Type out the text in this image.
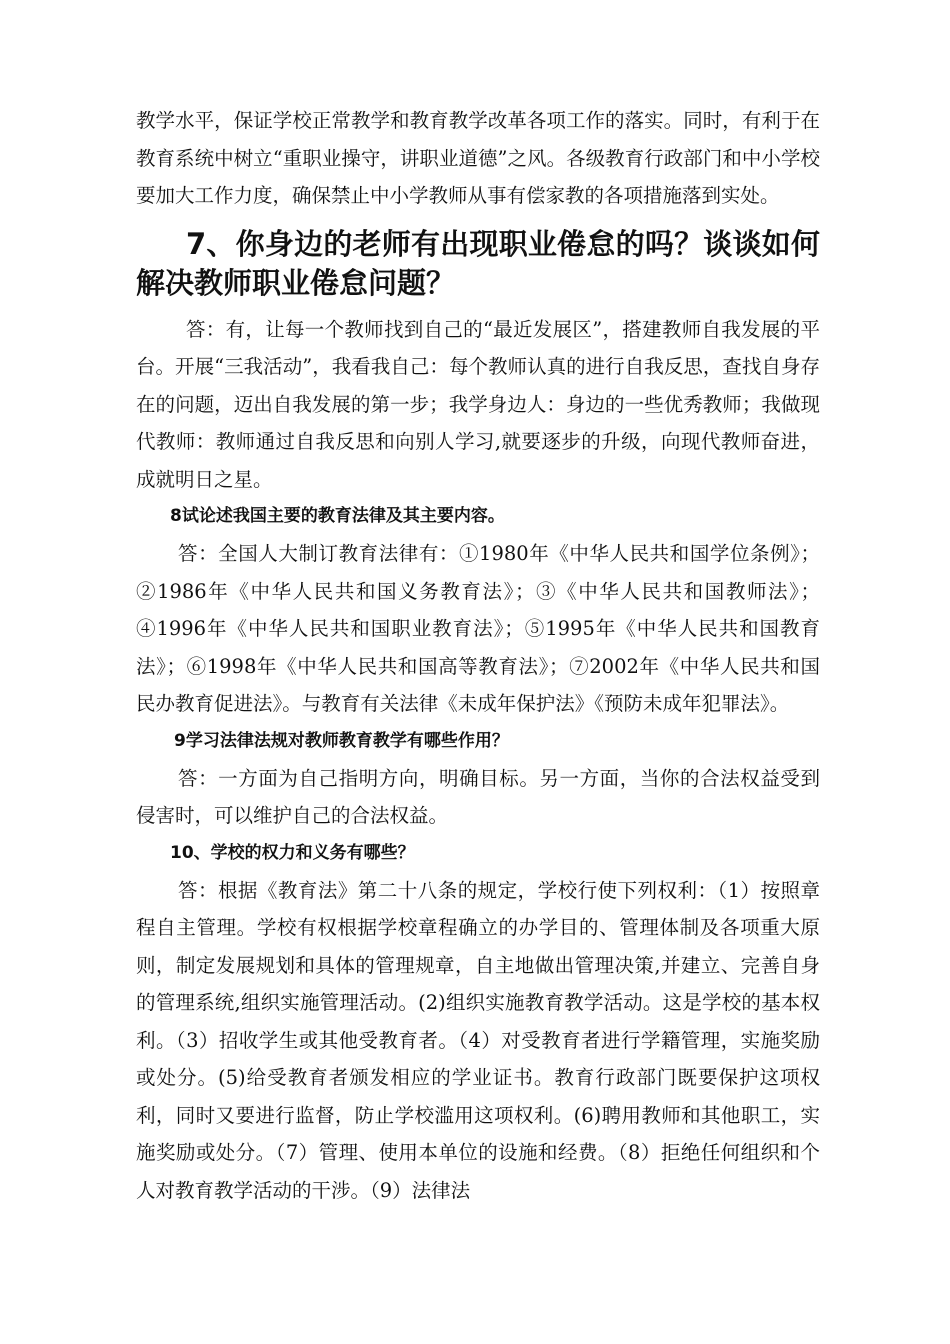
教学水平，保证学校正常教学和教育教学改革各项工作的落实。同时，有利于在教育系统中树立“重职业操守，讲职业道德”之风。各级教育行政部门和中小学校要加大工作力度，确保禁止中小学教师从事有偿家教的各项措施落到实处。

7、你身边的老师有出现职业倦怠的吗？谈谈如何解决教师职业倦怠问题？

答：有，让每一个教师找到自己的“最近发展区”，搭建教师自我发展的平台。开展“三我活动”，我看我自己：每个教师认真的进行自我反思，查找自身存在的问题，迈出自我发展的第一步；我学身边人：身边的一些优秀教师；我做现代教师：教师通过自我反思和向别人学习,就要逐步的升级，向现代教师奋进，成就明日之星。

8试论述我国主要的教育法律及其主要内容。

答：全国人大制订教育法律有：①1980年《中华人民共和国学位条例》；②1986年《中华人民共和国义务教育法》；③《中华人民共和国教师法》；④1996年《中华人民共和国职业教育法》；⑤1995年《中华人民共和国教育法》；⑥1998年《中华人民共和国高等教育法》；⑦2002年《中华人民共和国民办教育促进法》。与教育有关法律《未成年保护法》《预防未成年犯罪法》。

9学习法律法规对教师教育教学有哪些作用？

答：一方面为自己指明方向，明确目标。另一方面，当你的合法权益受到侵害时，可以维护自己的合法权益。

10、学校的权力和义务有哪些？

答：根据《教育法》第二十八条的规定，学校行使下列权利：（1）按照章程自主管理。学校有权根据学校章程确立的办学目的、管理体制及各项重大原则，制定发展规划和具体的管理规章，自主地做出管理决策,并建立、完善自身的管理系统,组织实施管理活动。(2)组织实施教育教学活动。这是学校的基本权利。（3）招收学生或其他受教育者。（4）对受教育者进行学籍管理，实施奖励或处分。(5)给受教育者颁发相应的学业证书。教育行政部门既要保护这项权利，同时又要进行监督，防止学校滥用这项权利。(6)聘用教师和其他职工，实施奖励或处分。（7）管理、使用本单位的设施和经费。（8）拒绝任何组织和个人对教育教学活动的干涉。（9）法律法
